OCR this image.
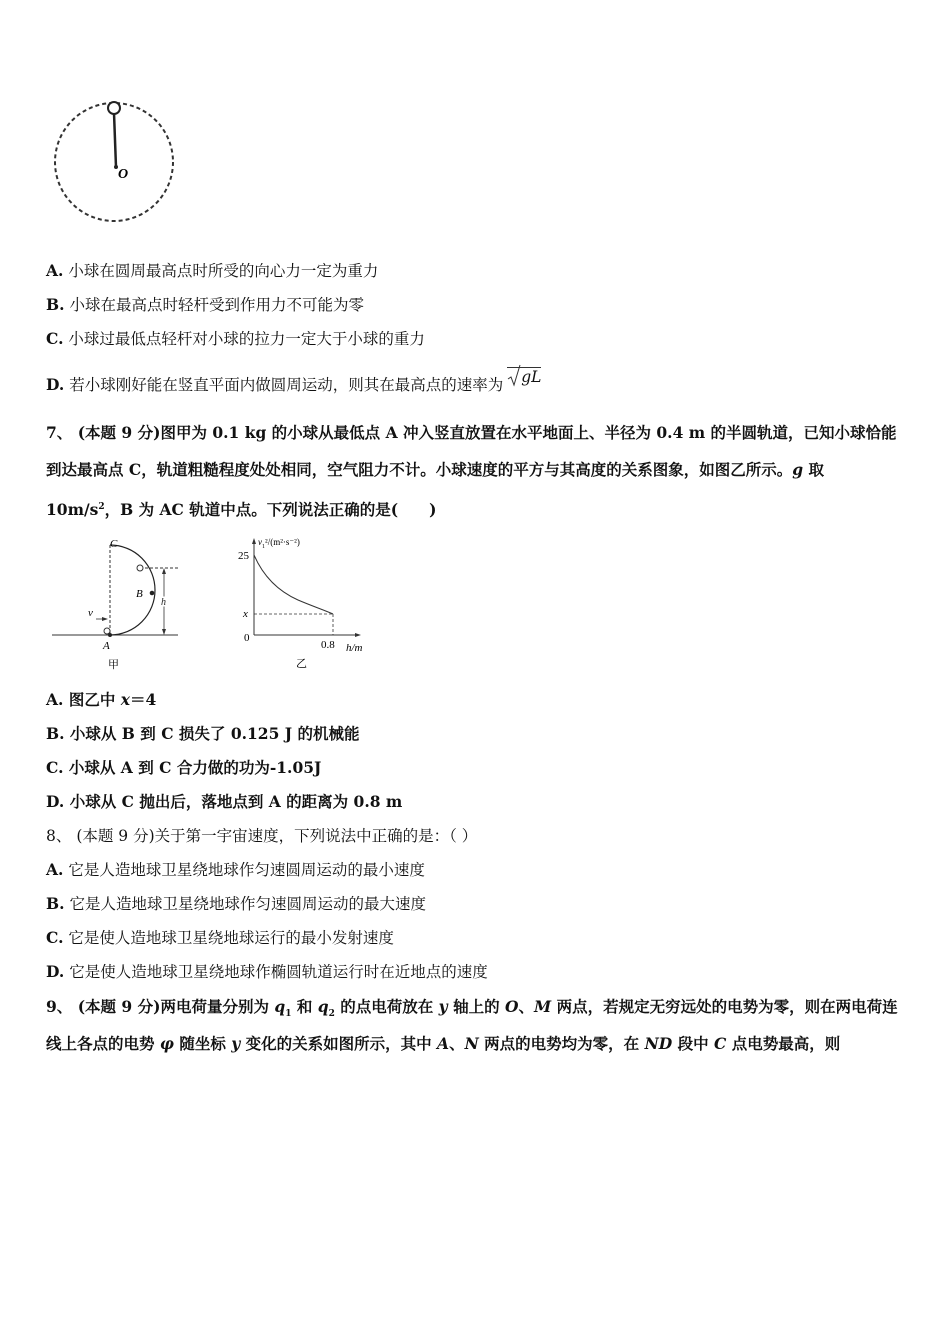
O
A. 小球在圆周最高点时所受的向心力一定为重力
B. 小球在最高点时轻杆受到作用力不可能为零
C. 小球过最低点轻杆对小球的拉力一定大于小球的重力
D. 若小球刚好能在竖直平面内做圆周运动，则其在最高点的速率为 gL
7、 (本题 9 分)图甲为 0.1 kg 的小球从最低点 A 冲入竖直放置在水平地面上、半径为 0.4 m 的半圆轨道，已知小球恰能
到达最高点 C，轨道粗糙程度处处相同，空气阻力不计。小球速度的平方与其高度的关系图象，如图乙所示。g 取
$10m/s^2$，B 为 AC 轨道中点。下列说法正确的是(　　)
C
B
A
v
h
甲
$v_1^2/(m^2\cdot s^{-2})$
25
x
0
0.8 h/m
乙
A. 图乙中 x＝4
B. 小球从 B 到 C 损失了 0.125 J 的机械能
C. 小球从 A 到 C 合力做的功为-1.05J
D. 小球从 C 抛出后，落地点到 A 的距离为 0.8 m
8、 (本题 9 分)关于第一宇宙速度，下列说法中正确的是：（ ）
A. 它是人造地球卫星绕地球作匀速圆周运动的最小速度
B. 它是人造地球卫星绕地球作匀速圆周运动的最大速度
C. 它是使人造地球卫星绕地球运行的最小发射速度
D. 它是使人造地球卫星绕地球作椭圆轨道运行时在近地点的速度
9、 (本题 9 分)两电荷量分别为 $q_1$ 和 $q_2$ 的点电荷放在 y 轴上的 O、M 两点，若规定无穷远处的电势为零，则在两电荷连
线上各点的电势 φ 随坐标 y 变化的关系如图所示，其中 A、N 两点的电势均为零，在 ND 段中 C 点电势最高，则
